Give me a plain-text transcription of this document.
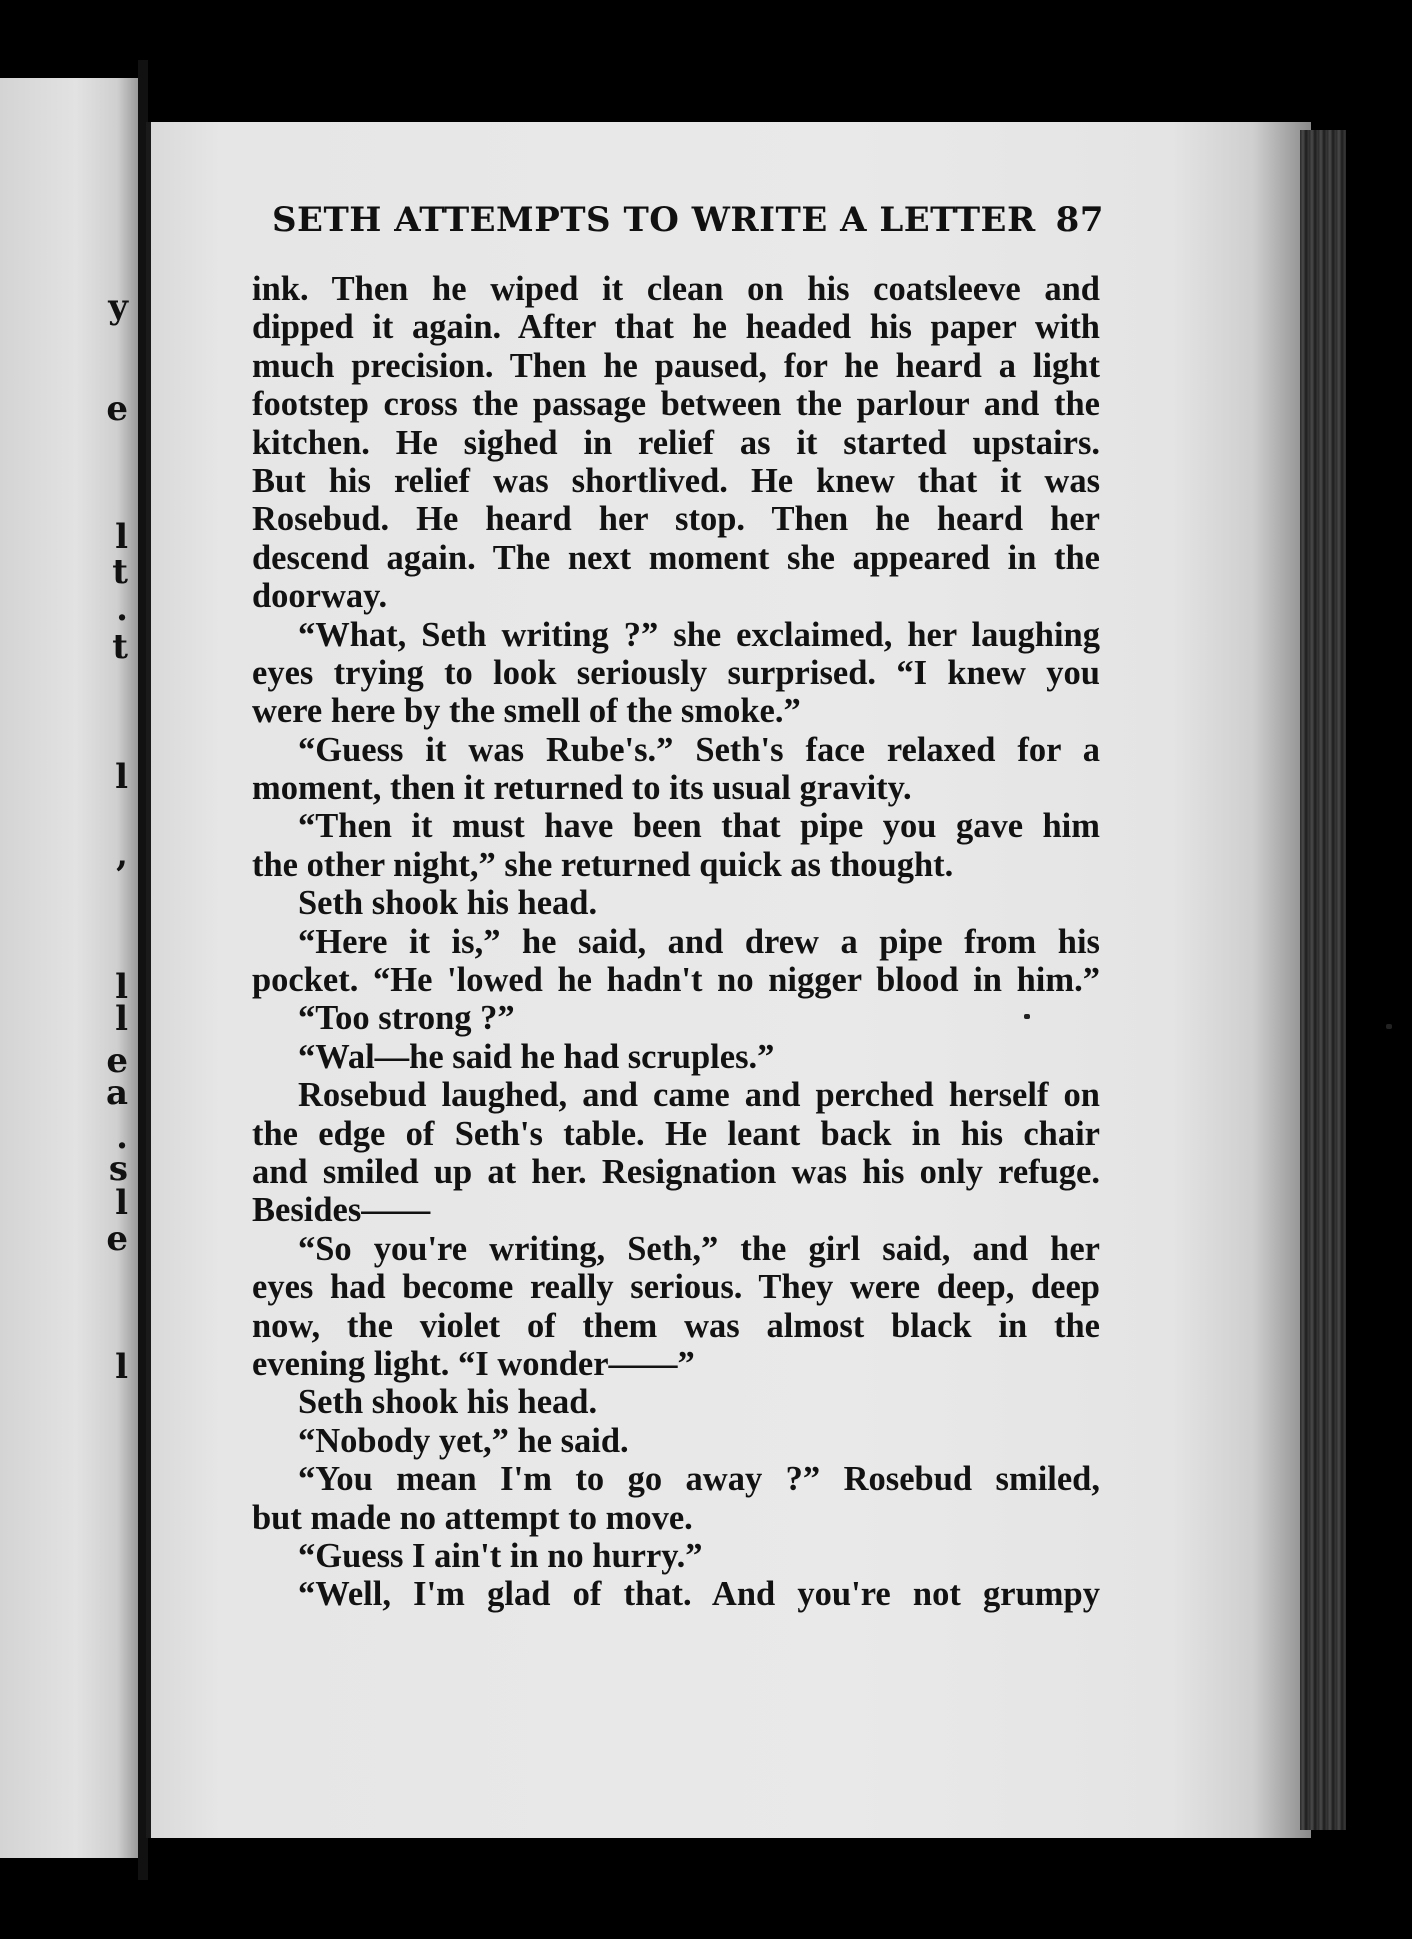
y
e
l
t
.
t
l
,
l
l
e
a
.
s
l
e
l
SETH ATTEMPTS TO WRITE A LETTER 87
ink. Then he wiped it clean on his coatsleeve and
dipped it again. After that he headed his paper with
much precision. Then he paused, for he heard a light
footstep cross the passage between the parlour and the
kitchen. He sighed in relief as it started upstairs.
But his relief was shortlived. He knew that it was
Rosebud. He heard her stop. Then he heard her
descend again. The next moment she appeared in the
doorway.
“What, Seth writing ?” she exclaimed, her laughing
eyes trying to look seriously surprised. “I knew you
were here by the smell of the smoke.”
“Guess it was Rube's.” Seth's face relaxed for a
moment, then it returned to its usual gravity.
“Then it must have been that pipe you gave him
the other night,” she returned quick as thought.
Seth shook his head.
“Here it is,” he said, and drew a pipe from his
pocket. “He 'lowed he hadn't no nigger blood in him.”
“Too strong ?”
“Wal—he said he had scruples.”
Rosebud laughed, and came and perched herself on
the edge of Seth's table. He leant back in his chair
and smiled up at her. Resignation was his only refuge.
Besides——
“So you're writing, Seth,” the girl said, and her
eyes had become really serious. They were deep, deep
now, the violet of them was almost black in the
evening light. “I wonder——”
Seth shook his head.
“Nobody yet,” he said.
“You mean I'm to go away ?” Rosebud smiled,
but made no attempt to move.
“Guess I ain't in no hurry.”
“Well, I'm glad of that. And you're not grumpy
